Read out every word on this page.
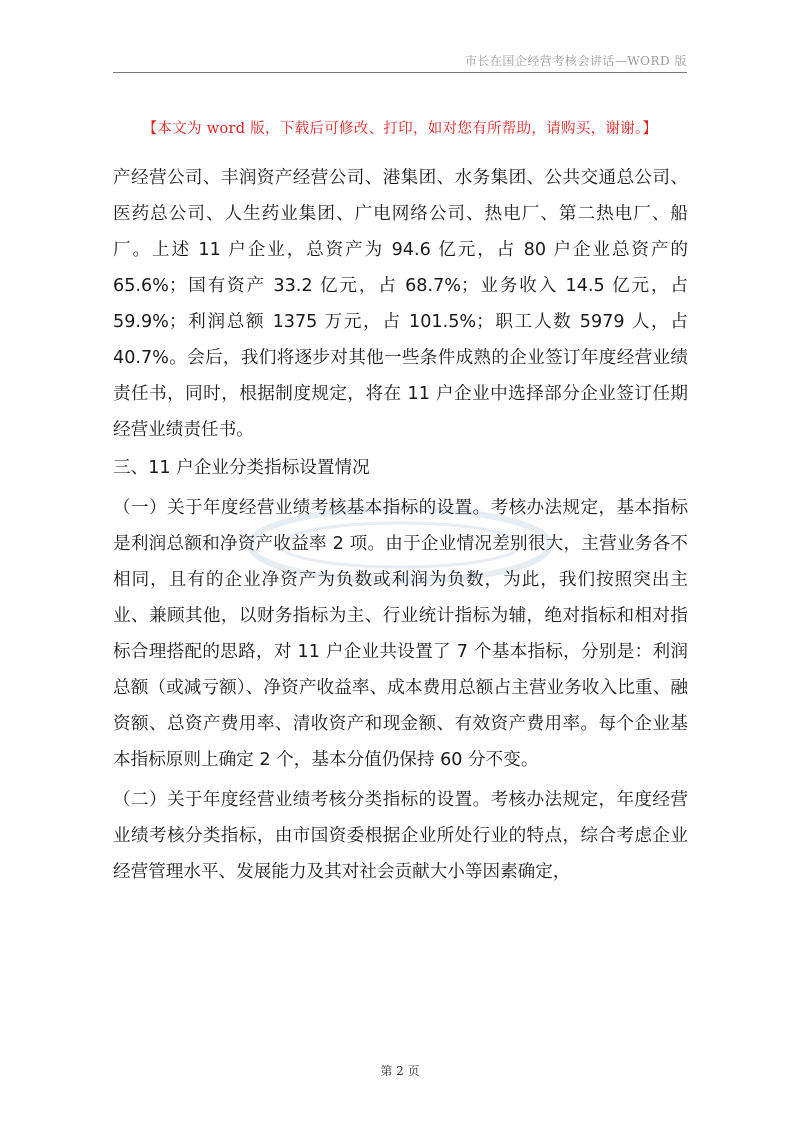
市长在国企经营考核会讲话—WORD 版
【本文为 word 版，下载后可修改、打印，如对您有所帮助，请购买，谢谢。】

产经营公司、丰润资产经营公司、港集团、水务集团、公共交通总公司、医药总公司、人生药业集团、广电网络公司、热电厂、第二热电厂、船厂。上述 11 户企业，总资产为 94.6 亿元，占 80 户企业总资产的 65.6%；国有资产 33.2 亿元，占 68.7%；业务收入 14.5 亿元，占 59.9%；利润总额 1375 万元，占 101.5%；职工人数 5979 人，占 40.7%。会后，我们将逐步对其他一些条件成熟的企业签订年度经营业绩责任书，同时，根据制度规定，将在 11 户企业中选择部分企业签订任期经营业绩责任书。

三、11 户企业分类指标设置情况

（一）关于年度经营业绩考核基本指标的设置。考核办法规定，基本指标是利润总额和净资产收益率 2 项。由于企业情况差别很大，主营业务各不相同，且有的企业净资产为负数或利润为负数，为此，我们按照突出主业、兼顾其他，以财务指标为主、行业统计指标为辅，绝对指标和相对指标合理搭配的思路，对 11 户企业共设置了 7 个基本指标，分别是：利润总额（或减亏额）、净资产收益率、成本费用总额占主营业务收入比重、融资额、总资产费用率、清收资产和现金额、有效资产费用率。每个企业基本指标原则上确定 2 个，基本分值仍保持 60 分不变。

（二）关于年度经营业绩考核分类指标的设置。考核办法规定，年度经营业绩考核分类指标，由市国资委根据企业所处行业的特点，综合考虑企业经营管理水平、发展能力及其对社会贡献大小等因素确定，

第 2 页
